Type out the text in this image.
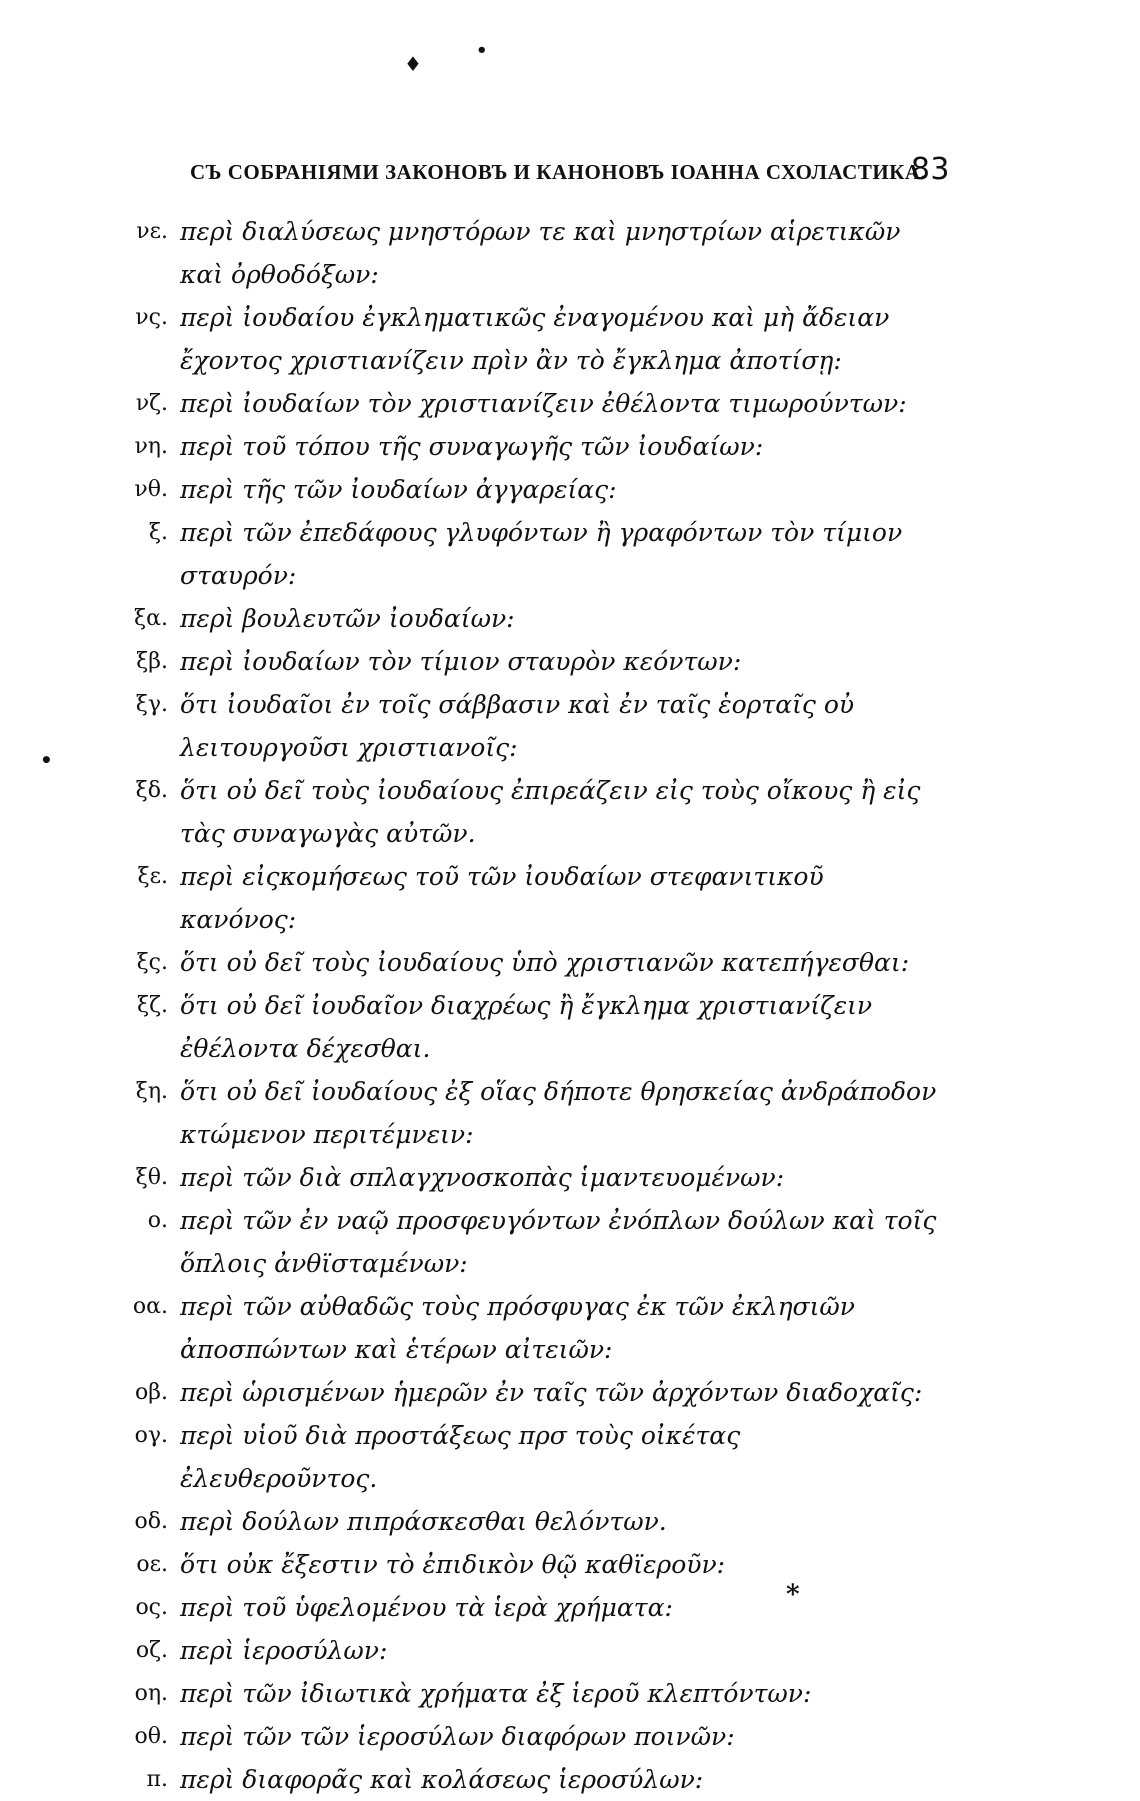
♦
•
•
СЪ СОБРАНІЯМИ ЗАКОНОВЪ И КАНОНОВЪ ІОАННА СХОЛАСТИКА.
83
νε. περὶ διαλύσεως μνηστόρων τε καὶ μνηστρίων αἱρετικῶν καὶ ὀρθοδόξων:
νς. περὶ ἰουδαίου ἐγκληματικῶς ἐναγομένου καὶ μὴ ἄδειαν ἔχοντος χριστιανίζειν πρὶν ἂν τὸ ἔγκλημα ἀποτίσῃ:
νζ. περὶ ἰουδαίων τὸν χριστιανίζειν ἐθέλοντα τιμωρούντων:
νη. περὶ τοῦ τόπου τῆς συναγωγῆς τῶν ἰουδαίων:
νθ. περὶ τῆς τῶν ἰουδαίων ἀγγαρείας:
ξ. περὶ τῶν ἐπεδάφους γλυφόντων ἢ γραφόντων τὸν τίμιον σταυρόν:
ξα. περὶ βουλευτῶν ἰουδαίων:
ξβ. περὶ ἰουδαίων τὸν τίμιον σταυρὸν κεόντων:
ξγ. ὅτι ἰουδαῖοι ἐν τοῖς σάββασιν καὶ ἐν ταῖς ἑορταῖς οὐ λειτουργοῦσι χριστιανοῖς:
ξδ. ὅτι οὐ δεῖ τοὺς ἰουδαίους ἐπιρεάζειν εἰς τοὺς οἴκους ἢ εἰς τὰς συναγωγὰς αὐτῶν.
ξε. περὶ εἰςκομήσεως τοῦ τῶν ἰουδαίων στεφανιτικοῦ κανόνος:
ξς. ὅτι οὐ δεῖ τοὺς ἰουδαίους ὑπὸ χριστιανῶν κατεπήγεσθαι:
ξζ. ὅτι οὐ δεῖ ἰουδαῖον διαχρέως ἢ ἔγκλημα χριστιανίζειν ἐθέλοντα δέχεσθαι.
ξη. ὅτι οὐ δεῖ ἰουδαίους ἐξ οἵας δήποτε θρησκείας ἀνδράποδον κτώμενον περιτέμνειν:
ξθ. περὶ τῶν διὰ σπλαγχνοσκοπὰς ἱμαντευομένων:
ο. περὶ τῶν ἐν ναῷ προσφευγόντων ἐνόπλων δούλων καὶ τοῖς ὅπλοις ἀνθϊσταμένων:
οα. περὶ τῶν αὐθαδῶς τοὺς πρόσφυγας ἐκ τῶν ἐκλησιῶν ἀποσπώντων καὶ ἑτέρων αἰτειῶν:
οβ. περὶ ὡρισμένων ἡμερῶν ἐν ταῖς τῶν ἀρχόντων διαδοχαῖς:
ογ. περὶ υἱοῦ διὰ προστάξεως πρσ τοὺς οἰκέτας ἐλευθεροῦντος.
οδ. περὶ δούλων πιπράσκεσθαι θελόντων.
οε. ὅτι οὐκ ἔξεστιν τὸ ἐπιδικὸν θῷ καθϊεροῦν:
ος. περὶ τοῦ ὑφελομένου τὰ ἱερὰ χρήματα:
οζ. περὶ ἱεροσύλων:
οη. περὶ τῶν ἰδιωτικὰ χρήματα ἐξ ἱεροῦ κλεπτόντων:
οθ. περὶ τῶν τῶν ἱεροσύλων διαφόρων ποινῶν:
π. περὶ διαφορᾶς καὶ κολάσεως ἱεροσύλων:
*
